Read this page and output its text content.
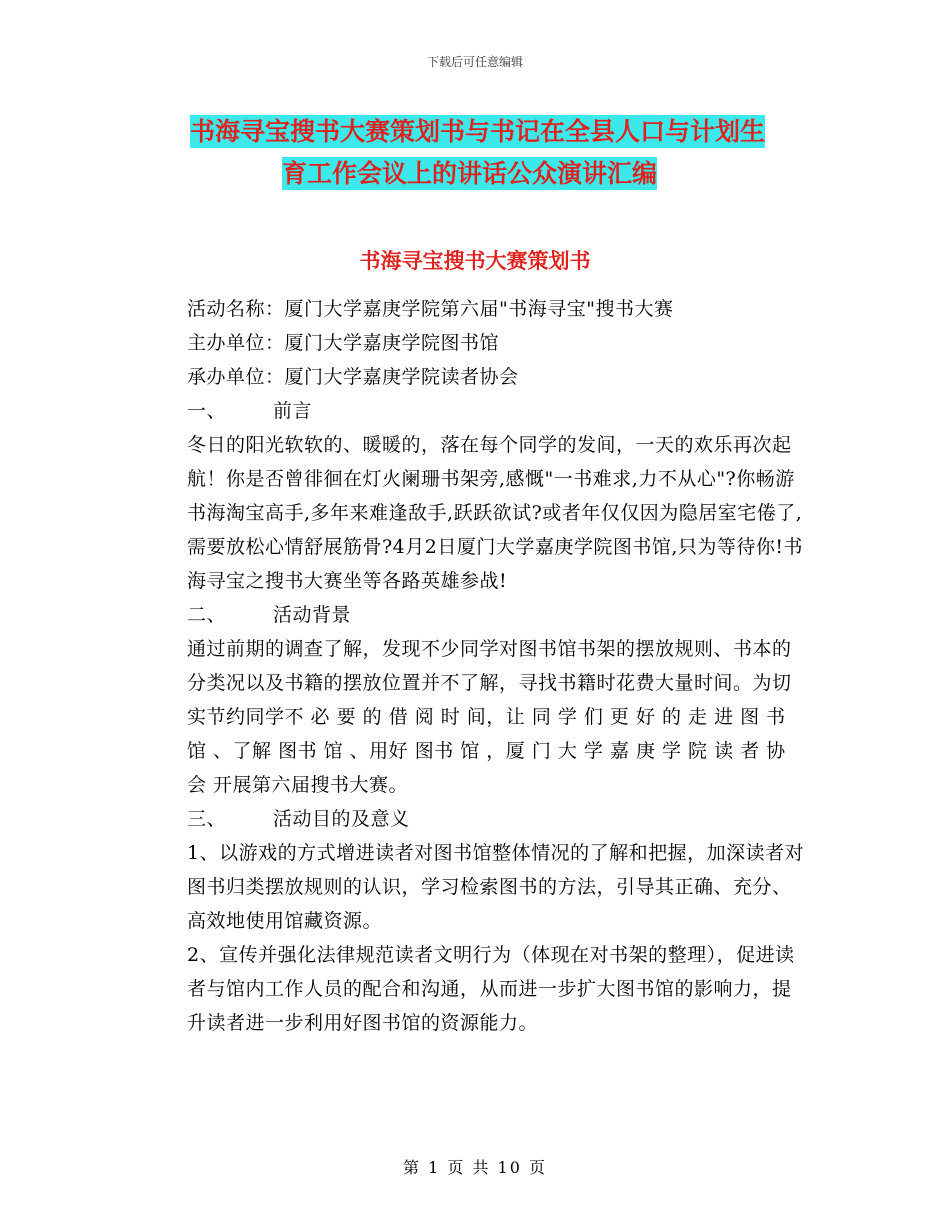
下载后可任意编辑
书海寻宝搜书大赛策划书与书记在全县人口与计划生
育工作会议上的讲话公众演讲汇编
书海寻宝搜书大赛策划书

活动名称：厦门大学嘉庚学院第六届"书海寻宝"搜书大赛

主办单位：厦门大学嘉庚学院图书馆

承办单位：厦门大学嘉庚学院读者协会

一、 前言

冬日的阳光软软的、暖暖的，落在每个同学的发间，一天的欢乐再次起航！你是否曾徘徊在灯火阑珊书架旁,感慨"一书难求,力不从心"?你畅游书海淘宝高手,多年来难逢敌手,跃跃欲试?或者年仅仅因为隐居室宅倦了,需要放松心情舒展筋骨?4月2日厦门大学嘉庚学院图书馆,只为等待你!书海寻宝之搜书大赛坐等各路英雄参战!

二、 活动背景

通过前期的调查了解，发现不少同学对图书馆书架的摆放规则、书本的分类况以及书籍的摆放位置并不了解，寻找书籍时花费大量时间。为切实节约同学不 必 要 的 借 阅 时 间，让 同 学 们 更 好 的 走 进 图 书 馆 、了解 图书 馆 、用好 图书 馆 ，厦 门 大 学 嘉 庚 学 院 读 者 协 会 开展第六届搜书大赛。

三、 活动目的及意义

1、以游戏的方式增进读者对图书馆整体情况的了解和把握，加深读者对图书归类摆放规则的认识，学习检索图书的方法，引导其正确、充分、高效地使用馆藏资源。

2、宣传并强化法律规范读者文明行为（体现在对书架的整理），促进读者与馆内工作人员的配合和沟通，从而进一步扩大图书馆的影响力，提升读者进一步利用好图书馆的资源能力。

第 1 页 共 10 页
